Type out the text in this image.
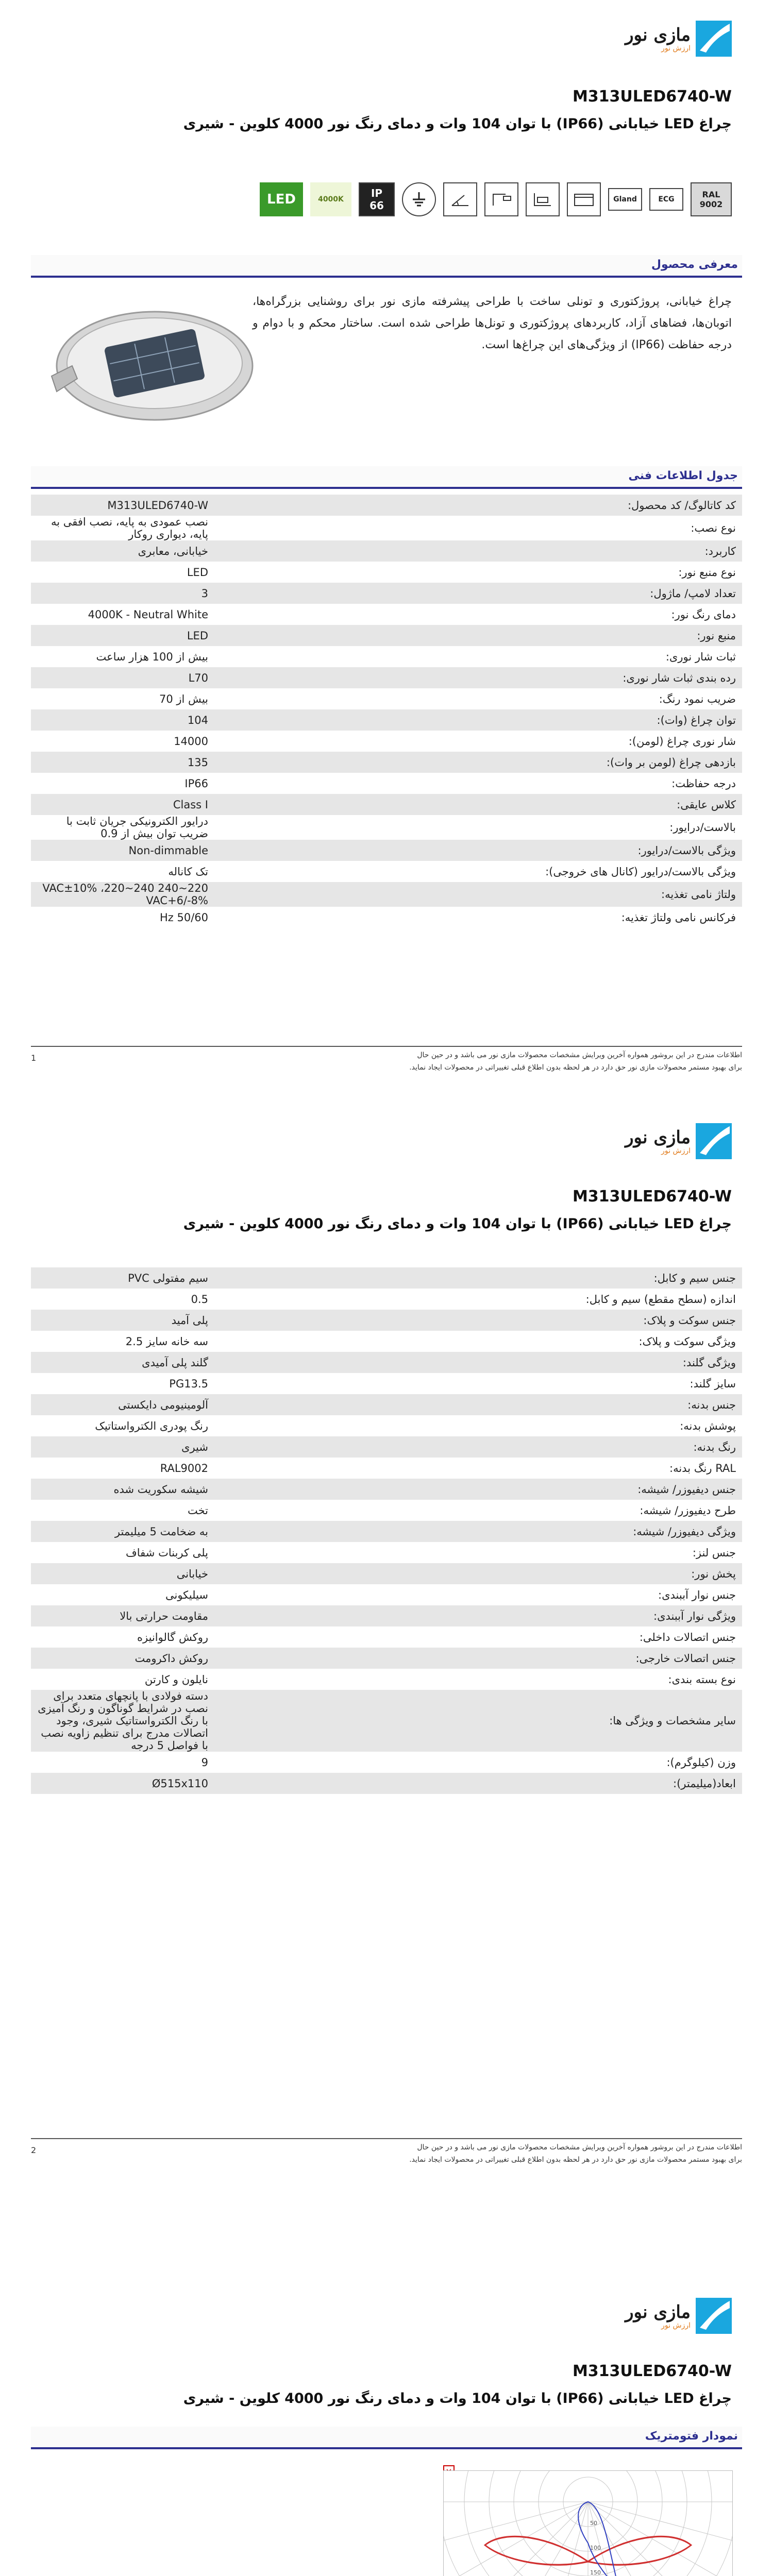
مازی نور
ارزش نور
M313ULED6740-W
چراغ LED خیابانی (IP66) با توان 104 وات و دمای رنگ نور 4000 کلوین - شیری
RAL
9002
ECG
Gland
IP
66
4000K
LED
معرفی محصول
چراغ خیابانی، پروژکتوری و تونلی ساخت با طراحی پیشرفته مازی نور برای روشنایی بزرگراه‌ها، اتوبان‌ها، فضاهای آزاد، کاربردهای پروژکتوری و تونل‌ها طراحی شده است. ساختار محکم و با دوام و درجه حفاظت (IP66) از ویژگی‌های این چراغ‌ها است.
جدول اطلاعات فنی
کد کاتالوگ/ کد محصول:	M313ULED6740-W
نوع نصب:	نصب عمودی به پایه، نصب افقی به پایه، دیواری روکار
کاربرد:	خیابانی، معابری
نوع منبع نور:	LED
تعداد لامپ/ ماژول:	3
دمای رنگ نور:	4000K - Neutral White
منبع نور:	LED
ثبات شار نوری:	بیش از 100 هزار ساعت
رده بندی ثبات شار نوری:	L70
ضریب نمود رنگ:	بیش از 70
توان چراغ (وات):	104
شار نوری چراغ (لومن):	14000
بازدهی چراغ (لومن بر وات):	135
درجه حفاظت:	IP66
کلاس عایقی:	Class I
بالاست/درایور:	درایور الکترونیکی جریان ثابت با ضریب توان بیش از 0.9
ویژگی بالاست/درایور:	Non-dimmable
ویژگی بالاست/درایور (کانال های خروجی):	تک کاناله
ولتاژ نامی تغذیه:	220~240 VAC±10% ،220~240 VAC+6/-8%
فرکانس نامی ولتاژ تغذیه:	50/60 Hz
اطلاعات مندرج در این بروشور همواره آخرین ویرایش مشخصات محصولات مازی نور می باشد و در حین حال
برای بهبود مستمر محصولات مازی نور حق دارد در هر لحظه بدون اطلاع قبلی تغییراتی در محصولات ایجاد نماید.
1
مازی نور
ارزش نور
M313ULED6740-W
چراغ LED خیابانی (IP66) با توان 104 وات و دمای رنگ نور 4000 کلوین - شیری
جنس سیم و کابل:	سیم مفتولی PVC
اندازه (سطح مقطع) سیم و کابل:	0.5
جنس سوکت و پلاک:	پلی آمید
ویژگی سوکت و پلاک:	سه خانه سایز 2.5
ویژگی گلند:	گلند پلی آمیدی
سایز گلند:	PG13.5
جنس بدنه:	آلومینیومی دایکستی
پوشش بدنه:	رنگ پودری الکترواستاتیک
رنگ بدنه:	شیری
RAL رنگ بدنه:	RAL9002
جنس دیفیوزر/ شیشه:	شیشه سکوریت شده
طرح دیفیوزر/ شیشه:	تخت
ویژگی دیفیوزر/ شیشه:	به ضخامت 5 میلیمتر
جنس لنز:	پلی کربنات شفاف
پخش نور:	خیابانی
جنس نوار آببندی:	سیلیکونی
ویژگی نوار آببندی:	مقاومت حرارتی بالا
جنس اتصالات داخلی:	روکش گالوانیزه
جنس اتصالات خارجی:	روکش داکرومت
نوع بسته بندی:	نایلون و کارتن
سایر مشخصات و ویژگی ها:	دسته فولادی با پانچهای متعدد برای نصب در شرایط گوناگون و رنگ آمیزی با رنگ الکترواستاتیک شیری، وجود اتصالات مدرج برای تنظیم زاویه نصب با فواصل 5 درجه
وزن (کیلوگرم):	9
ابعاد(میلیمتر):	Ø515x110
اطلاعات مندرج در این بروشور همواره آخرین ویرایش مشخصات محصولات مازی نور می باشد و در حین حال
برای بهبود مستمر محصولات مازی نور حق دارد در هر لحظه بدون اطلاع قبلی تغییراتی در محصولات ایجاد نماید.
2
مازی نور
ارزش نور
M313ULED6740-W
چراغ LED خیابانی (IP66) با توان 104 وات و دمای رنگ نور 4000 کلوین - شیری
نمودار فتومتریک
×
50
100
150
